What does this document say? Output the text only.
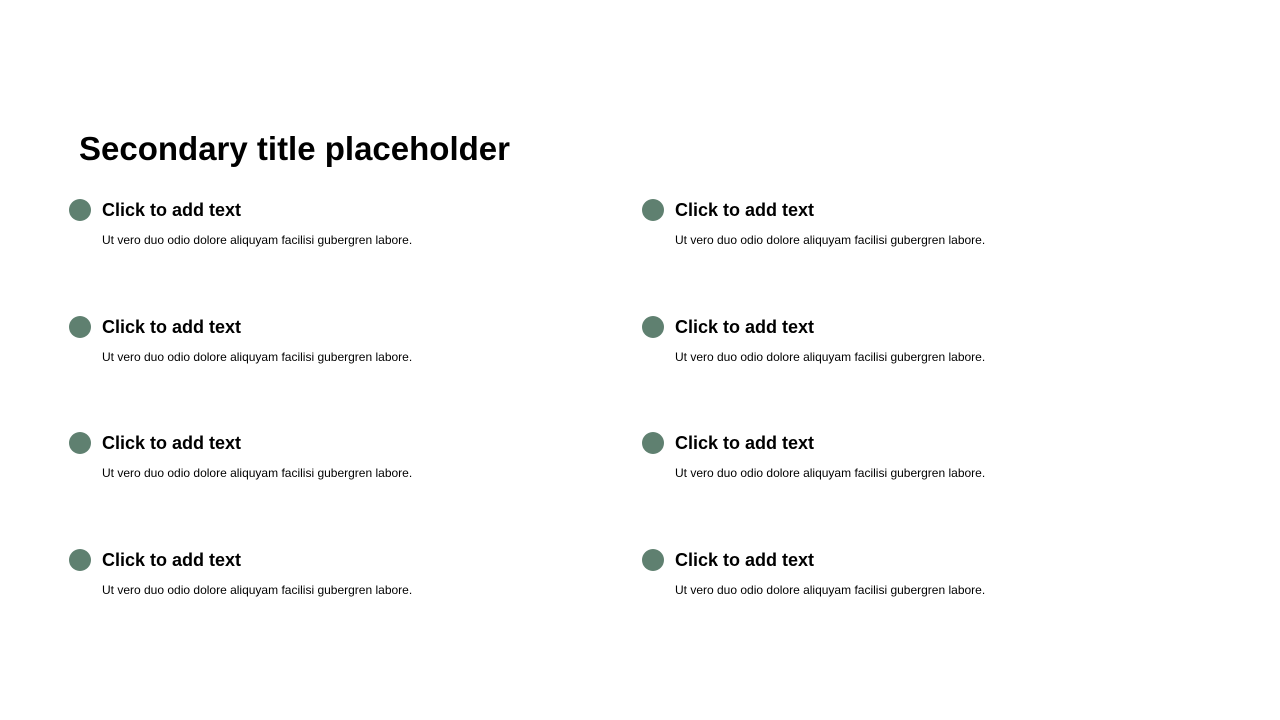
Secondary title placeholder
Click to add text
Ut vero duo odio dolore aliquyam facilisi gubergren labore.
Click to add text
Ut vero duo odio dolore aliquyam facilisi gubergren labore.
Click to add text
Ut vero duo odio dolore aliquyam facilisi gubergren labore.
Click to add text
Ut vero duo odio dolore aliquyam facilisi gubergren labore.
Click to add text
Ut vero duo odio dolore aliquyam facilisi gubergren labore.
Click to add text
Ut vero duo odio dolore aliquyam facilisi gubergren labore.
Click to add text
Ut vero duo odio dolore aliquyam facilisi gubergren labore.
Click to add text
Ut vero duo odio dolore aliquyam facilisi gubergren labore.
